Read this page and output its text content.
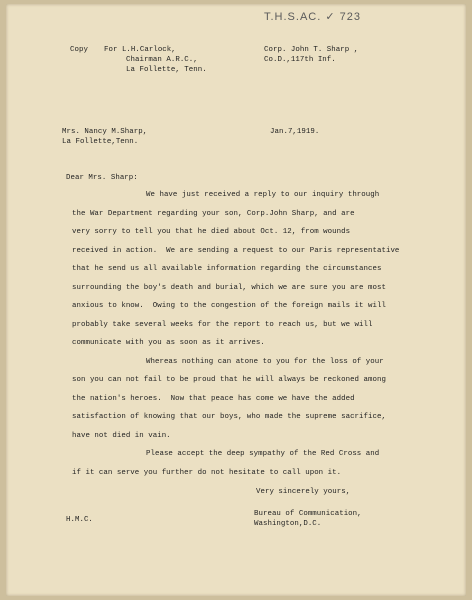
T.H.S.AC. ✓ 723
Copy For L.H.Carlock,
Chairman A.R.C.,
La Follette, Tenn.
Corp. John T. Sharp ,
Co.D.,117th Inf.
Mrs. Nancy M.Sharp,
La Follette,Tenn.
Jan.7,1919.
Dear Mrs. Sharp:
We have just received a reply to our inquiry through
the War Department regarding your son, Corp.John Sharp, and are
very sorry to tell you that he died about Oct. 12, from wounds
received in action.  We are sending a request to our Paris representative
that he send us all available information regarding the circumstances
surrounding the boy's death and burial, which we are sure you are most
anxious to know.  Owing to the congestion of the foreign mails it will
probably take several weeks for the report to reach us, but we will
communicate with you as soon as it arrives.
Whereas nothing can atone to you for the loss of your
son you can not fail to be proud that he will always be reckoned among
the nation's heroes.  Now that peace has come we have the added
satisfaction of knowing that our boys, who made the supreme sacrifice,
have not died in vain.
Please accept the deep sympathy of the Red Cross and
if it can serve you further do not hesitate to call upon it.
Very sincerely yours,
Bureau of Communication,
Washington,D.C.
H.M.C.
